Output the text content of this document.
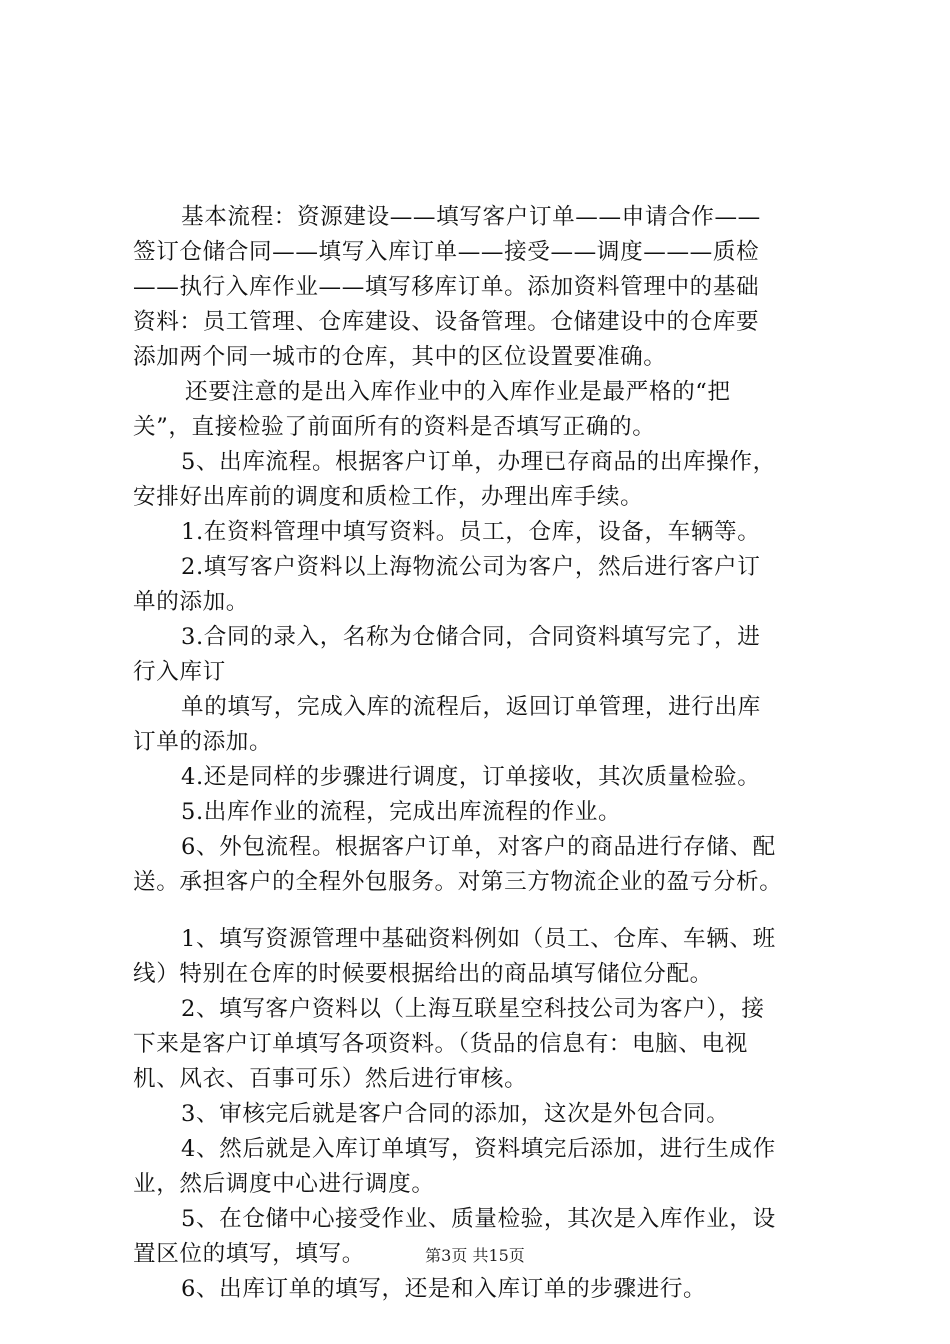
基本流程：资源建设——填写客户订单——申请合作——
签订仓储合同——填写入库订单——接受——调度———质检
——执行入库作业——填写移库订单。添加资料管理中的基础
资料：员工管理、仓库建设、设备管理。仓储建设中的仓库要
添加两个同一城市的仓库，其中的区位设置要准确。

还要注意的是出入库作业中的入库作业是最严格的“把
关”，直接检验了前面所有的资料是否填写正确的。

5、出库流程。根据客户订单，办理已存商品的出库操作，
安排好出库前的调度和质检工作，办理出库手续。

1.在资料管理中填写资料。员工，仓库，设备，车辆等。

2.填写客户资料以上海物流公司为客户，然后进行客户订
单的添加。

3.合同的录入，名称为仓储合同，合同资料填写完了，进
行入库订

单的填写，完成入库的流程后，返回订单管理，进行出库
订单的添加。

4.还是同样的步骤进行调度，订单接收，其次质量检验。

5.出库作业的流程，完成出库流程的作业。

6、外包流程。根据客户订单，对客户的商品进行存储、配
送。承担客户的全程外包服务。对第三方物流企业的盈亏分析。

1、填写资源管理中基础资料例如（员工、仓库、车辆、班
线）特别在仓库的时候要根据给出的商品填写储位分配。

2、填写客户资料以（上海互联星空科技公司为客户），接
下来是客户订单填写各项资料。（货品的信息有：电脑、电视
机、风衣、百事可乐）然后进行审核。

3、审核完后就是客户合同的添加，这次是外包合同。

4、然后就是入库订单填写，资料填完后添加，进行生成作
业，然后调度中心进行调度。

5、在仓储中心接受作业、质量检验，其次是入库作业，设
置区位的填写，填写。

6、出库订单的填写，还是和入库订单的步骤进行。

第3页 共15页
